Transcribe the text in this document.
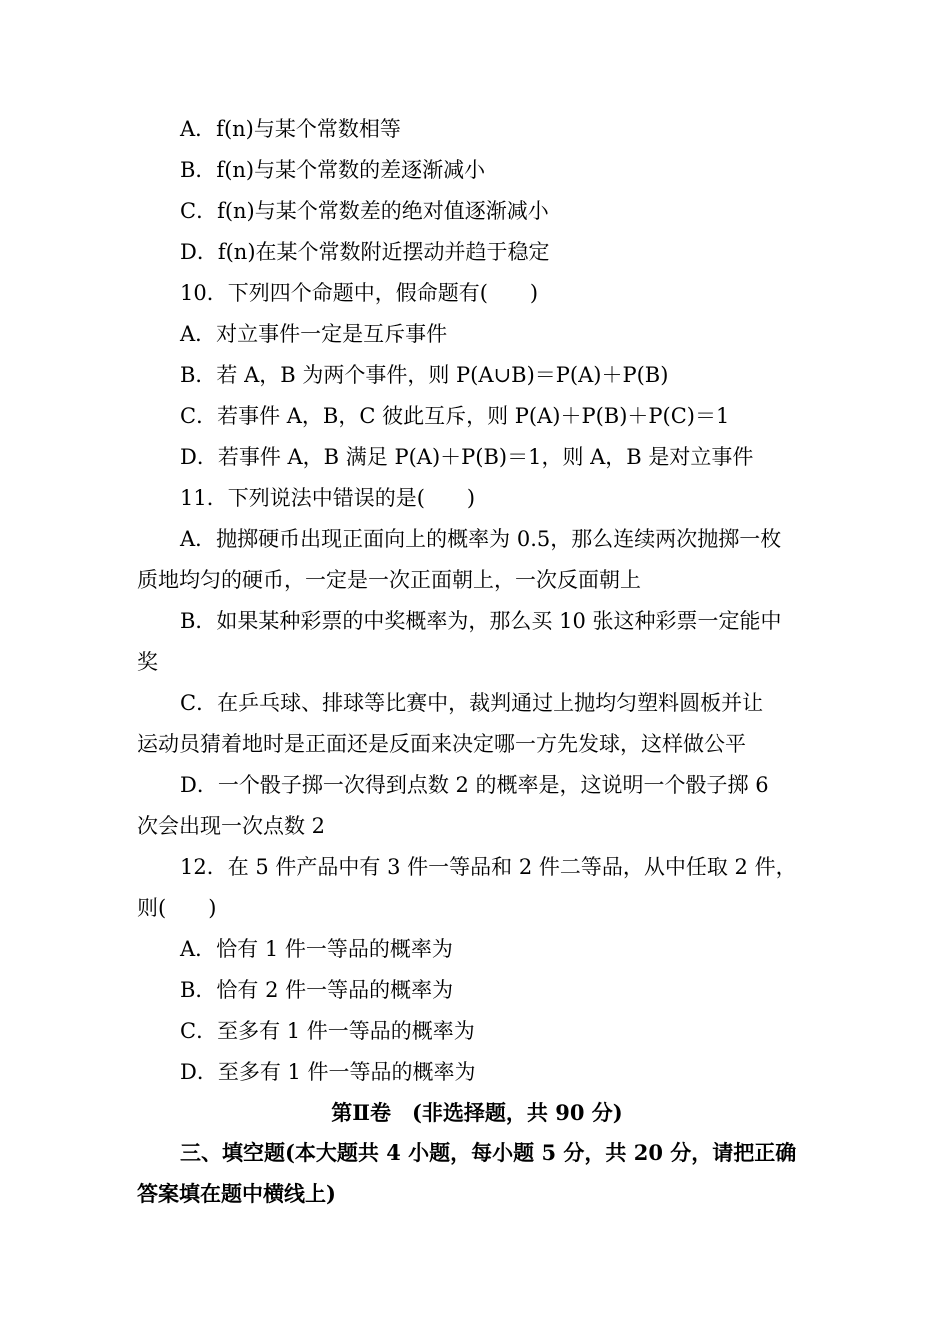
A．f(n)与某个常数相等
B．f(n)与某个常数的差逐渐减小
C．f(n)与某个常数差的绝对值逐渐减小
D．f(n)在某个常数附近摆动并趋于稳定
10．下列四个命题中，假命题有(　　)
A．对立事件一定是互斥事件
B．若 A，B 为两个事件，则 P(A∪B)＝P(A)＋P(B)
C．若事件 A，B，C 彼此互斥，则 P(A)＋P(B)＋P(C)＝1
D．若事件 A，B 满足 P(A)＋P(B)＝1，则 A，B 是对立事件
11．下列说法中错误的是(　　)
A．抛掷硬币出现正面向上的概率为 0.5，那么连续两次抛掷一枚
质地均匀的硬币，一定是一次正面朝上，一次反面朝上
B．如果某种彩票的中奖概率为，那么买 10 张这种彩票一定能中
奖
C．在乒乓球、排球等比赛中，裁判通过上抛均匀塑料圆板并让
运动员猜着地时是正面还是反面来决定哪一方先发球，这样做公平
D．一个骰子掷一次得到点数 2 的概率是，这说明一个骰子掷 6
次会出现一次点数 2
12．在 5 件产品中有 3 件一等品和 2 件二等品，从中任取 2 件，
则(　　)
A．恰有 1 件一等品的概率为
B．恰有 2 件一等品的概率为
C．至多有 1 件一等品的概率为
D．至多有 1 件一等品的概率为
第Ⅱ卷　(非选择题，共 90 分)
三、填空题(本大题共 4 小题，每小题 5 分，共 20 分，请把正确
答案填在题中横线上)
